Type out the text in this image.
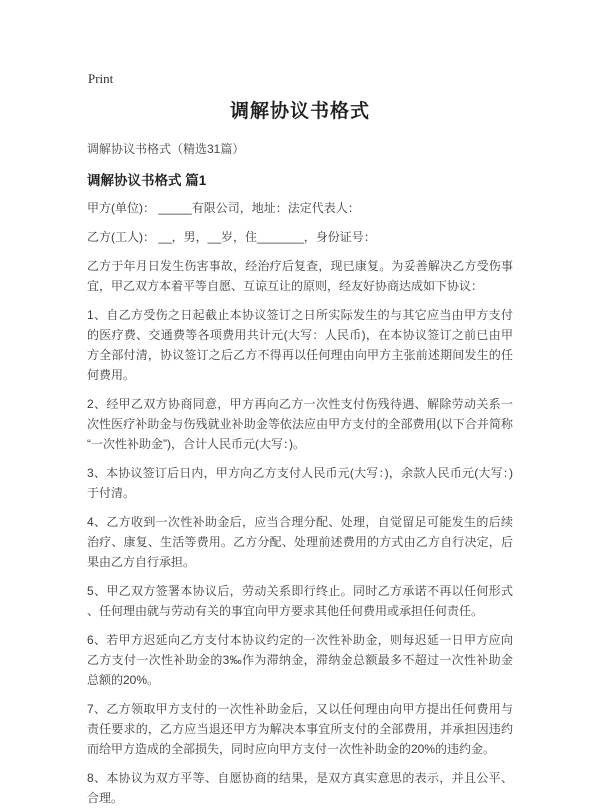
Print
调解协议书格式
调解协议书格式（精选31篇）
调解协议书格式 篇1

甲方(单位)： _____有限公司，地址：法定代表人：

乙方(工人)： __，男，__岁，住_______，身份证号：

乙方于年月日发生伤害事故，经治疗后复查，现已康复。为妥善解决乙方受伤事宜，甲乙双方本着平等自愿、互谅互让的原则，经友好协商达成如下协议：

1、自乙方受伤之日起截止本协议签订之日所实际发生的与其它应当由甲方支付的医疗费、交通费等各项费用共计元(大写：人民币)，在本协议签订之前已由甲方全部付清，协议签订之后乙方不得再以任何理由向甲方主张前述期间发生的任何费用。

2、经甲乙双方协商同意，甲方再向乙方一次性支付伤残待遇、解除劳动关系一次性医疗补助金与伤残就业补助金等依法应由甲方支付的全部费用(以下合并简称“一次性补助金”)，合计人民币元(大写：)。

3、本协议签订后日内，甲方向乙方支付人民币元(大写：)，余款人民币元(大写：)于付清。

4、乙方收到一次性补助金后，应当合理分配、处理，自觉留足可能发生的后续治疗、康复、生活等费用。乙方分配、处理前述费用的方式由乙方自行决定，后果由乙方自行承担。

5、甲乙双方签署本协议后，劳动关系即行终止。同时乙方承诺不再以任何形式、任何理由就与劳动有关的事宜向甲方要求其他任何费用或承担任何责任。

6、若甲方迟延向乙方支付本协议约定的一次性补助金，则每迟延一日甲方应向乙方支付一次性补助金的3‰作为滞纳金，滞纳金总额最多不超过一次性补助金总额的20%。

7、乙方领取甲方支付的一次性补助金后，又以任何理由向甲方提出任何费用与责任要求的，乙方应当退还甲方为解决本事宜所支付的全部费用，并承担因违约而给甲方造成的全部损失，同时应向甲方支付一次性补助金的20%的违约金。

8、本协议为双方平等、自愿协商的结果，是双方真实意思的表示，并且公平、合理。
